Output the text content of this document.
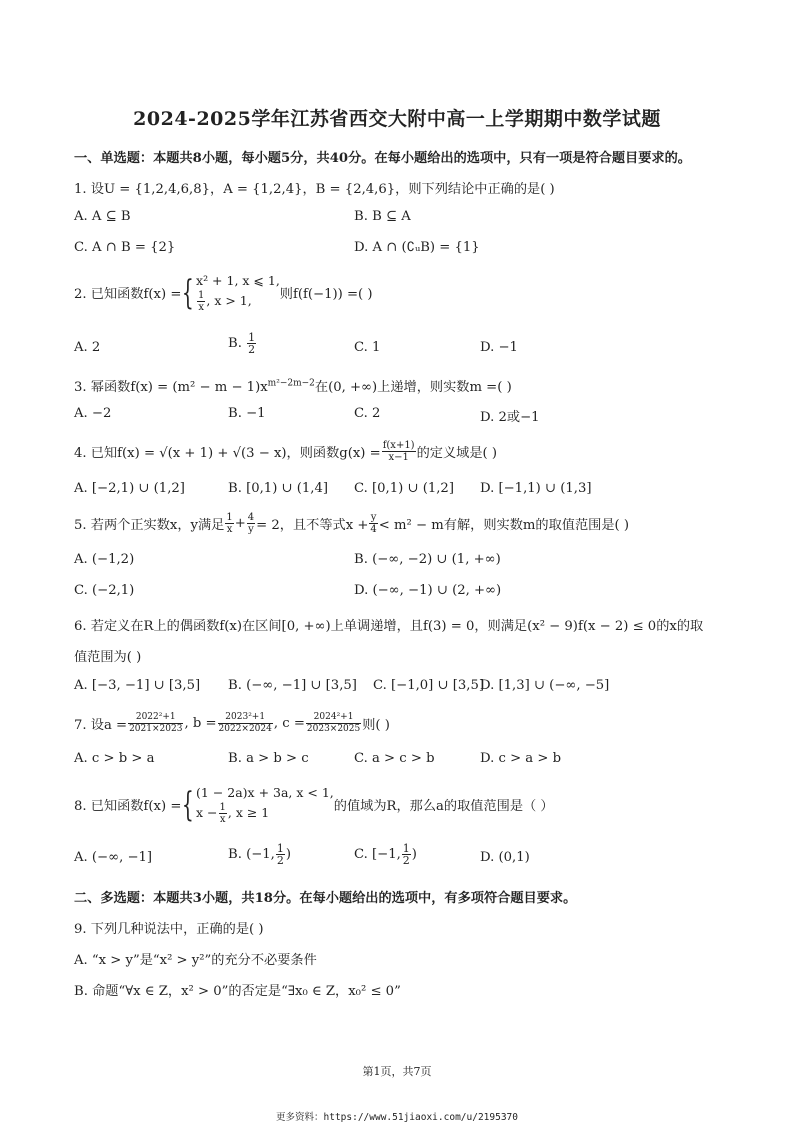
2024-2025学年江苏省西交大附中高一上学期期中数学试题
一、单选题：本题共8小题，每小题5分，共40分。在每小题给出的选项中，只有一项是符合题目要求的。
1. 设U = {1,2,4,6,8}，A = {1,2,4}，B = {2,4,6}，则下列结论中正确的是( )
A. A ⊆ B	B. B ⊆ A
C. A ∩ B = {2}	D. A ∩ (∁ᵤB) = {1}
2. 已知函数f(x) ={ x² + 1, x ⩽ 1,
$\frac{1}{x}$ , x > 1,	则f(f(−1)) =( )
A. 2	B. $\frac{1}{2}$	C. 1	D. −1
3. 幂函数$f(x) = (m^2 - m - 1)x^{m^2-2m-2}$在(0, +∞)上递增，则实数m =( )
A. −2	B. −1	C. 2	D. 2或−1
4. 已知f(x) = √(x + 1) + √(3 − x)，则函数$g(x) = \frac{f(x+1)}{x-1}$ 的定义域是( )
A. [−2,1) ∪ (1,2]	B. [0,1) ∪ (1,4] C. [0,1) ∪ (1,2] D. [−1,1) ∪ (1,3]
5. 若两个正实数x，y满足 $\frac{1}{x} + \frac{4}{y} = 2$，且不等式$x + \frac{y}{4} < m^2 - m$有解，则实数m的取值范围是( )
A. (−1,2)	B. (−∞, −2) ∪ (1, +∞)
C. (−2,1)	D. (−∞, −1) ∪ (2, +∞)
6. 若定义在R上的偶函数f(x)在区间[0, +∞)上单调递增，且f(3) = 0，则满足(x² − 9)f(x − 2) ≤ 0的x的取
值范围为( )
A. [−3, −1] ∪ [3,5] B. (−∞, −1] ∪ [3,5] C. [−1,0] ∪ [3,5]
D. [1,3] ∪ (−∞, −5]
7. 设$a = \frac{\text{2022²+1}}{2021\times 2023}$ , $b = \frac{\text{2023²+1}}{2022\times 2024}$ , $c = \frac{\text{2024²+1}}{2023\times 2025}$ 则( )
A. c > b > a	B. a > b > c	C. a > c > b	D. c > a > b
8. 已知函数f(x) ={ (1 − 2a)x + 3a, x < 1,
$x - \frac{1}{x}$ , x ≥ 1	的值域为R，那么a的取值范围是（ ）
A. (−∞, −1]	B. (−1, $\frac{1}{2}$ )	C. [−1, $\frac{1}{2}$ )	D. (0,1)
二、多选题：本题共3小题，共18分。在每小题给出的选项中，有多项符合题目要求。
9. 下列几种说法中，正确的是( )
A. “x > y”是“x² > y²”的充分不必要条件
B. 命题“∀x ∈ Z，x² > 0”的否定是“∃x₀ ∈ Z，x₀² ≤ 0”
第1页，共7页
更多资料：https://www.51jiaoxi.com/u/2195370
